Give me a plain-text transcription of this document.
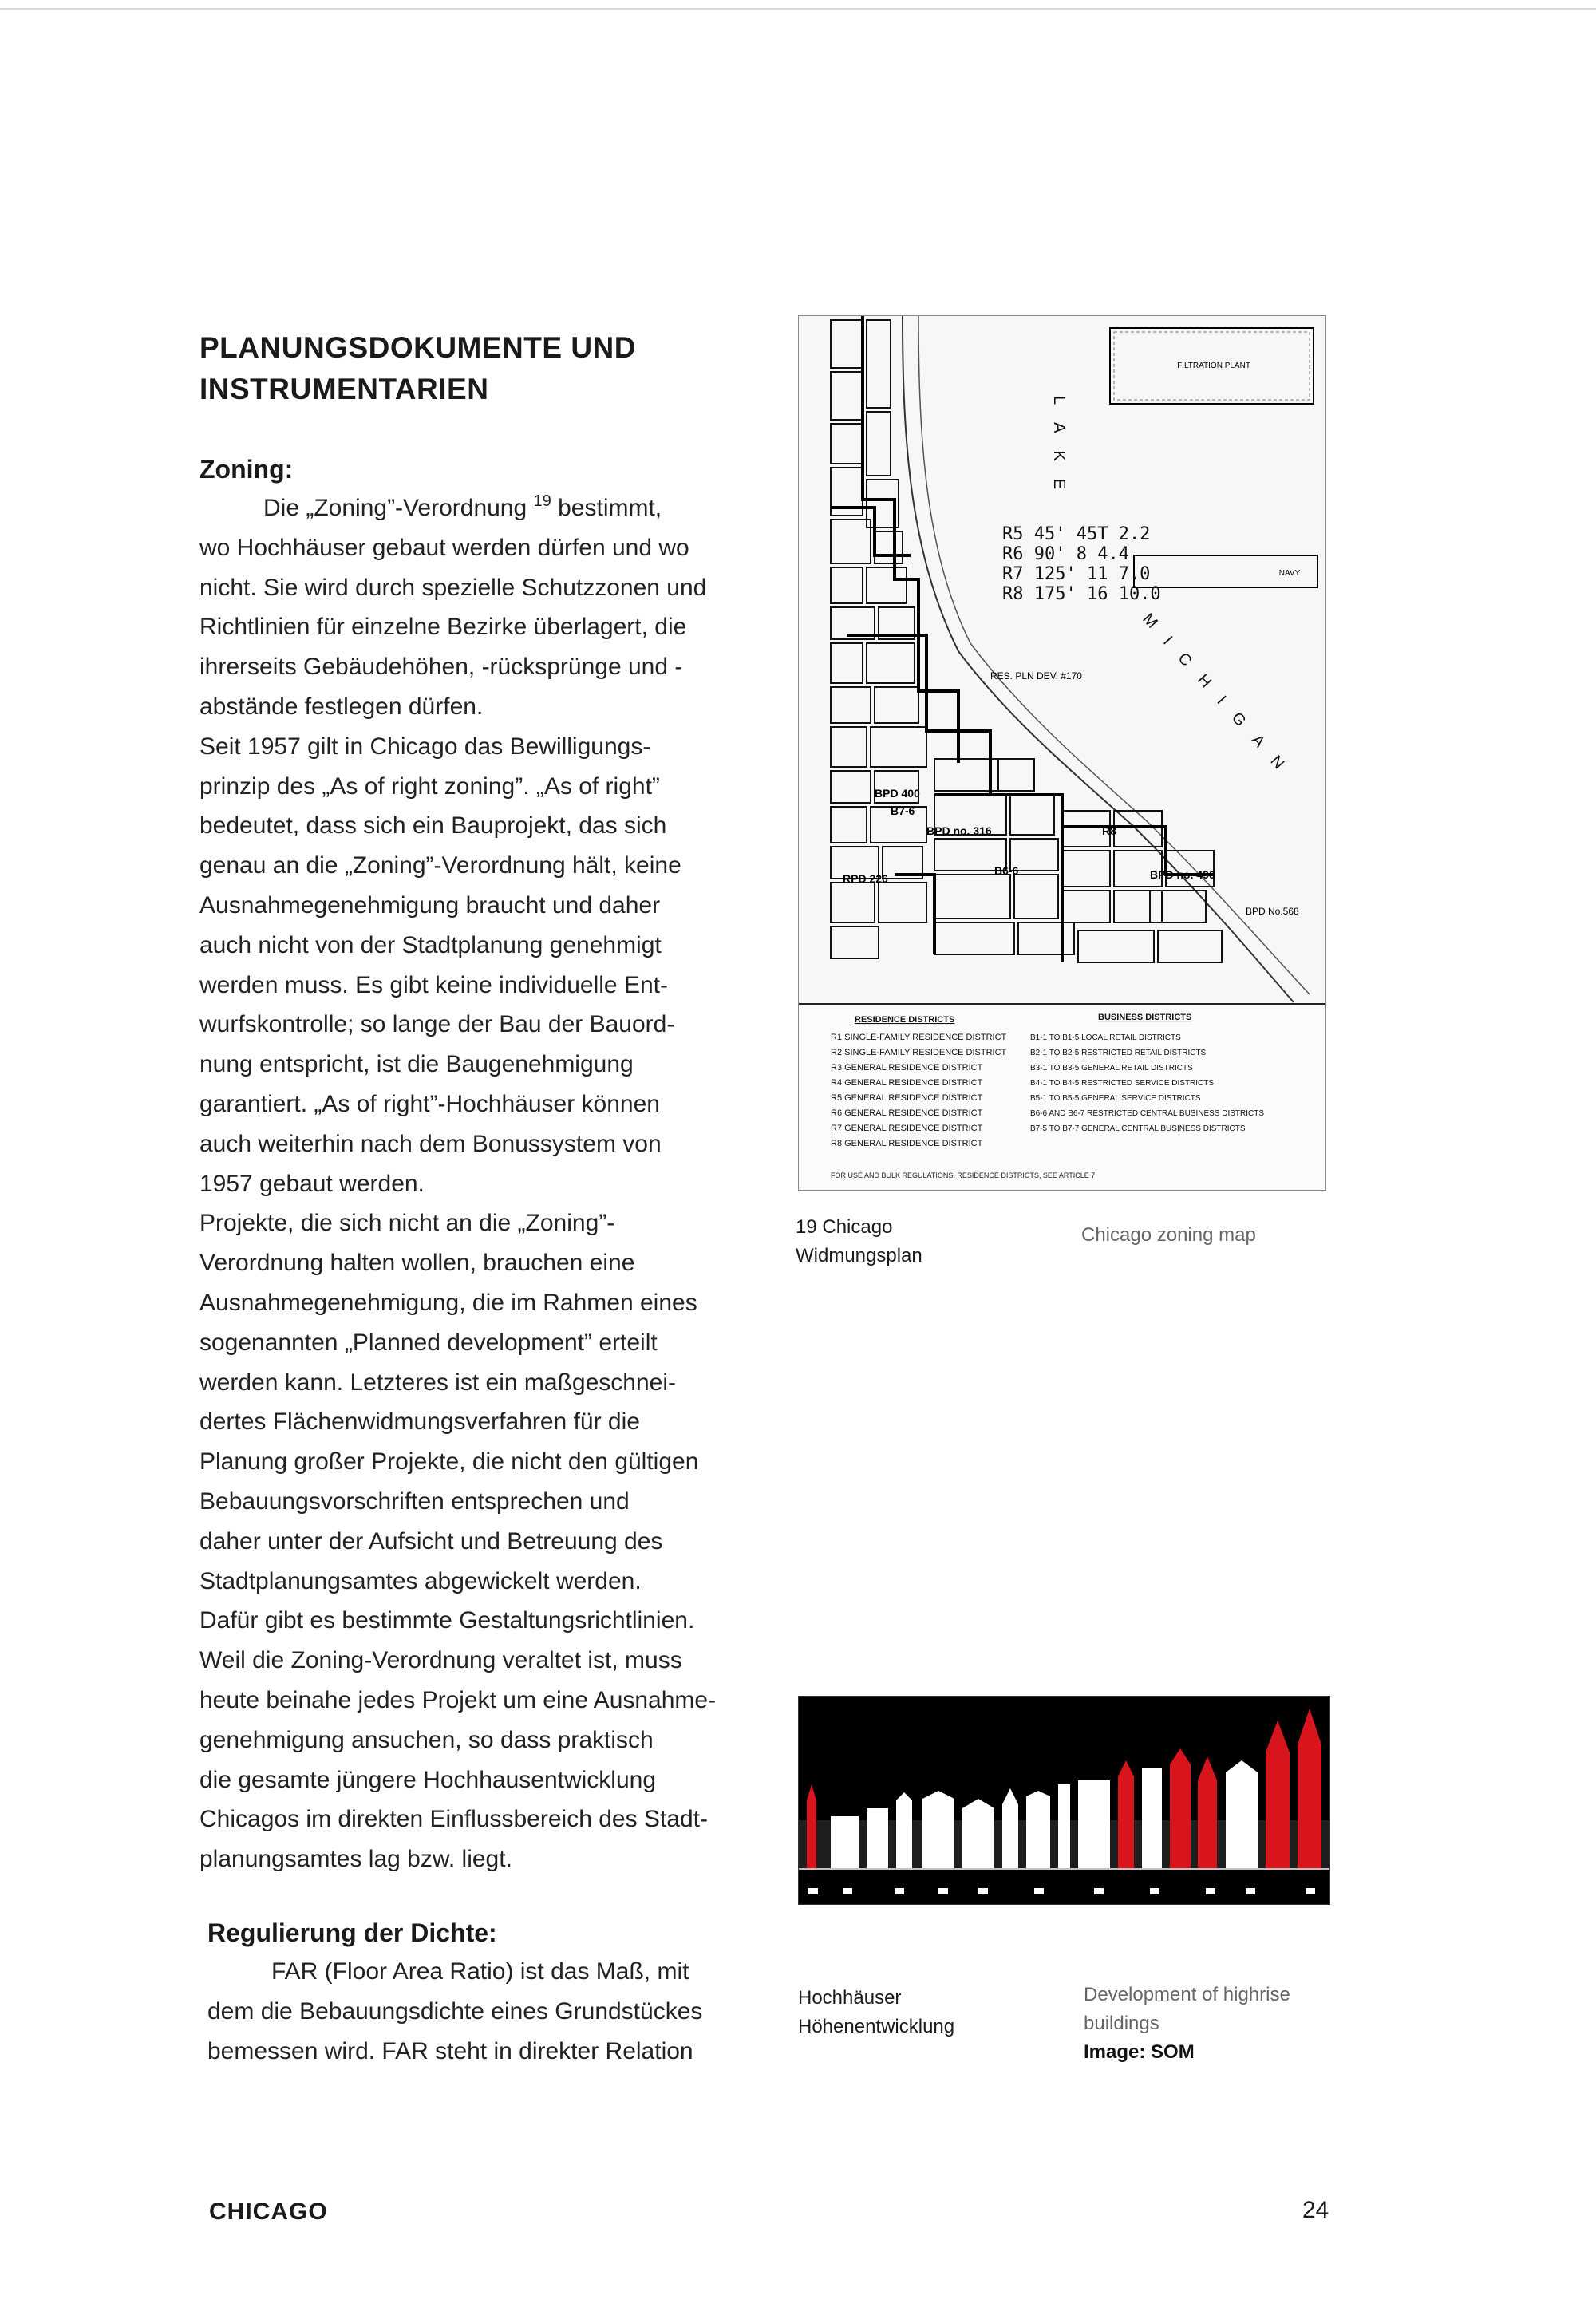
PLANUNGSDOKUMENTE UND
INSTRUMENTARIEN
Zoning:
Die „Zoning”-Verordnung $^{19}$ bestimmt,
wo Hochhäuser gebaut werden dürfen und wo
nicht. Sie wird durch spezielle Schutzzonen und
Richtlinien für einzelne Bezirke überlagert, die
ihrerseits Gebäudehöhen, -rücksprünge und -
abstände festlegen dürfen.
Seit 1957 gilt in Chicago das Bewilligungs-
prinzip des „As of right zoning”. „As of right”
bedeutet, dass sich ein Bauprojekt, das sich
genau an die „Zoning”-Verordnung hält, keine
Ausnahmegenehmigung braucht und daher
auch nicht von der Stadtplanung genehmigt
werden muss. Es gibt keine individuelle Ent-
wurfskontrolle; so lange der Bau der Bauord-
nung entspricht, ist die Baugenehmigung
garantiert. „As of right”-Hochhäuser können
auch weiterhin nach dem Bonussystem von
1957 gebaut werden.
Projekte, die sich nicht an die „Zoning”-
Verordnung halten wollen, brauchen eine
Ausnahmegenehmigung, die im Rahmen eines
sogenannten „Planned development” erteilt
werden kann. Letzteres ist ein maßgeschnei-
dertes Flächenwidmungsverfahren für die
Planung großer Projekte, die nicht den gültigen
Bebauungsvorschriften entsprechen und
daher unter der Aufsicht und Betreuung des
Stadtplanungsamtes abgewickelt werden.
Dafür gibt es bestimmte Gestaltungsrichtlinien.
Weil die Zoning-Verordnung veraltet ist, muss
heute beinahe jedes Projekt um eine Ausnahme-
genehmigung ansuchen, so dass praktisch
die gesamte jüngere Hochhausentwicklung
Chicagos im direkten Einflussbereich des Stadt-
planungsamtes lag bzw. liegt.
Regulierung der Dichte:
FAR (Floor Area Ratio) ist das Maß, mit
dem die Bebauungsdichte eines Grundstückes
bemessen wird. FAR steht in direkter Relation
FILTRATION PLANT
NAVY
LAKE
MICHIGAN
R5 45' 45T 2.2
R6 90' 8 4.4
R7 125' 11 7.0
R8 175' 16 10.0
RES. PLN DEV. #170
BPD 400
BPD no. 316
RPD 226	BPD no. 490
BPD No.568
B6-6
B7-6
R8
RESIDENCE DISTRICTS
R1 SINGLE-FAMILY RESIDENCE DISTRICT
R2 SINGLE-FAMILY RESIDENCE DISTRICT
R3 GENERAL RESIDENCE DISTRICT
R4 GENERAL RESIDENCE DISTRICT
R5 GENERAL RESIDENCE DISTRICT
R6 GENERAL RESIDENCE DISTRICT
R7 GENERAL RESIDENCE DISTRICT
R8 GENERAL RESIDENCE DISTRICT
BUSINESS DISTRICTS
B1-1 TO B1-5 LOCAL RETAIL DISTRICTS
B2-1 TO B2-5 RESTRICTED RETAIL DISTRICTS
B3-1 TO B3-5 GENERAL RETAIL DISTRICTS
B4-1 TO B4-5 RESTRICTED SERVICE DISTRICTS
B5-1 TO B5-5 GENERAL SERVICE DISTRICTS
B6-6 AND B6-7 RESTRICTED CENTRAL BUSINESS DISTRICTS
B7-5 TO B7-7 GENERAL CENTRAL BUSINESS DISTRICTS
FOR USE AND BULK REGULATIONS, RESIDENCE DISTRICTS, SEE ARTICLE 7
19 Chicago
Widmungsplan
Chicago zoning map
Hochhäuser
Höhenentwicklung
Development of highrise
buildings
Image: SOM
CHICAGO	24
